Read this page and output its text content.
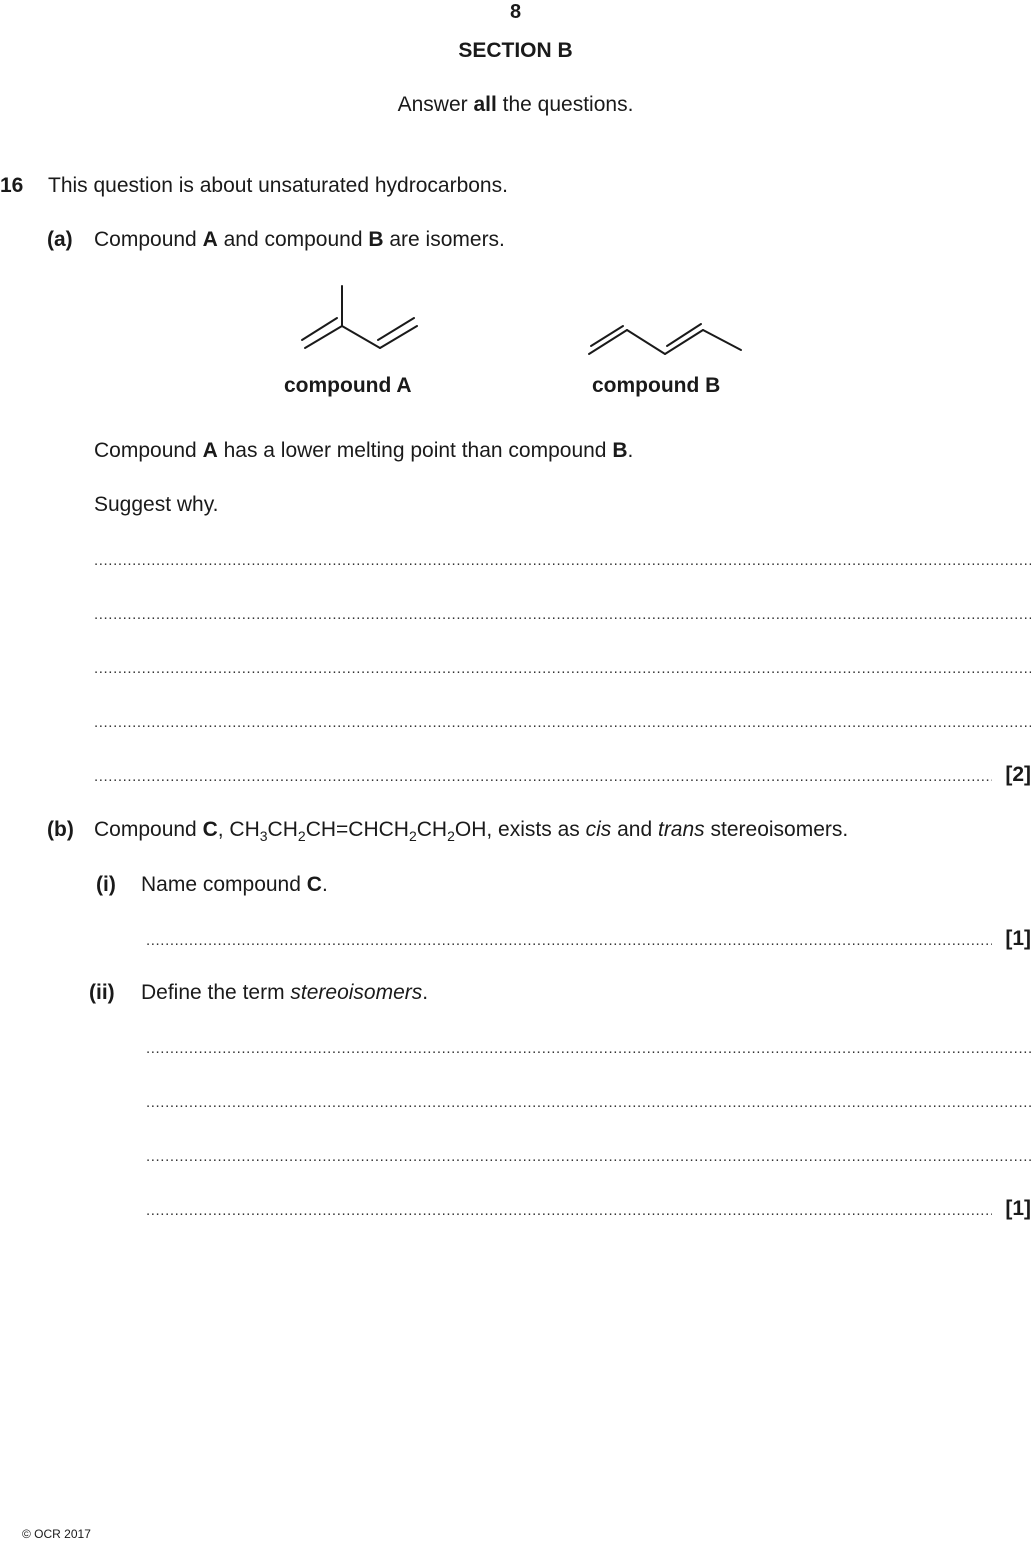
8
SECTION B
Answer all the questions.
16 This question is about unsaturated hydrocarbons.
(a) Compound A and compound B are isomers.
compound A	compound B
Compound A has a lower melting point than compound B.
Suggest why.
.....
.....
.....
.....
.....
[2]
(b) Compound C, $CH_3CH_2CH=CHCH_2CH_2OH$, exists as cis and trans stereoisomers.
(i) Name compound C.
.....
[1]
(ii) Define the term stereoisomers.
.....
.....
.....
.....
[1]
© OCR 2017
